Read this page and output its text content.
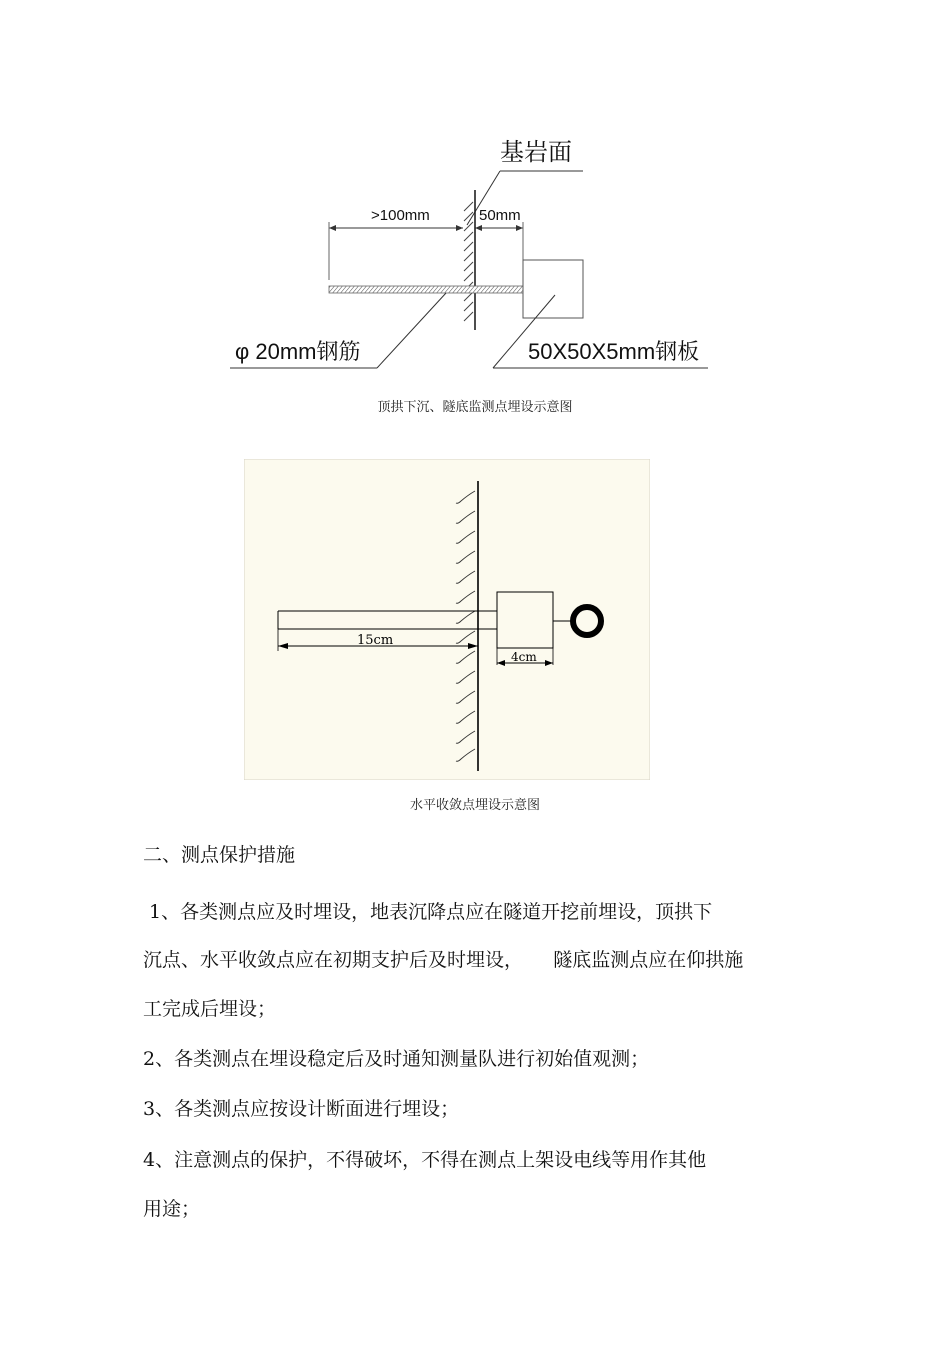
基岩面
>100mm	50mm
φ 20mm钢筋	50X50X5mm钢板
顶拱下沉、隧底监测点埋设示意图
15cm
4cm
水平收敛点埋设示意图
二、测点保护措施
1、各类测点应及时埋设，地表沉降点应在隧道开挖前埋设，顶拱下
沉点、水平收敛点应在初期支护后及时埋设，     隧底监测点应在仰拱施
工完成后埋设；
2、各类测点在埋设稳定后及时通知测量队进行初始值观测；
3、各类测点应按设计断面进行埋设；
4、注意测点的保护，不得破坏，不得在测点上架设电线等用作其他
用途；
